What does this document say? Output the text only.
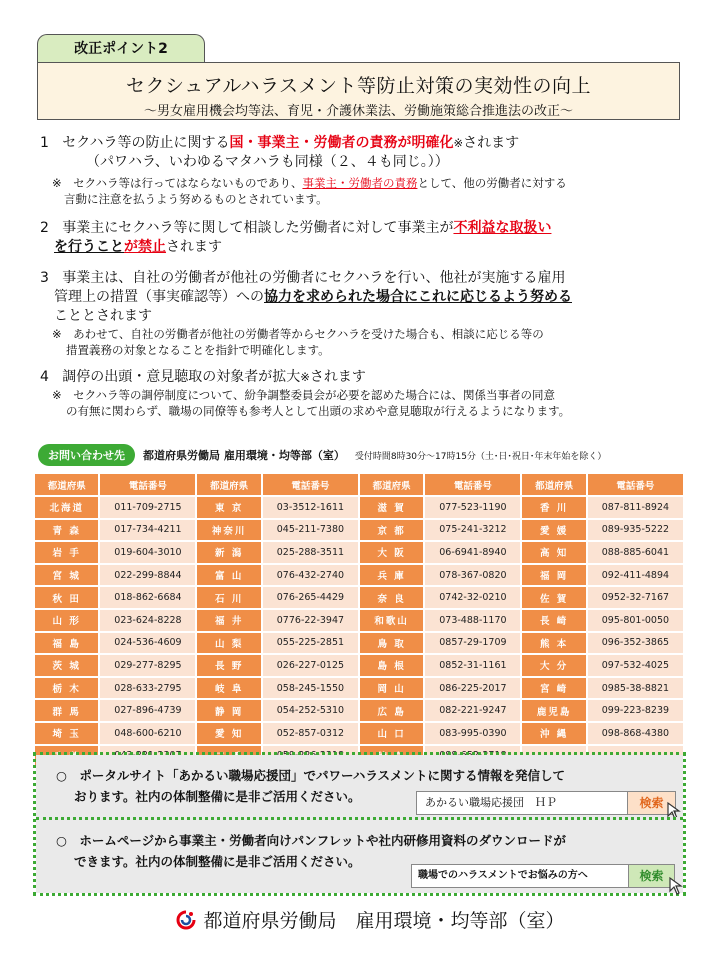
改正ポイント2
セクシュアルハラスメント等防止対策の実効性の向上
～男女雇用機会均等法、育児・介護休業法、労働施策総合推進法の改正～
1 セクハラ等の防止に関する国・事業主・労働者の責務が明確化※されます
（パワハラ、いわゆるマタハラも同様（２、４も同じ。））
※　セクハラ等は行ってはならないものであり、事業主・労働者の責務として、他の労働者に対する
言動に注意を払うよう努めるものとされています。
2 事業主にセクハラ等に関して相談した労働者に対して事業主が不利益な取扱い
を行うことが禁止されます
3 事業主は、自社の労働者が他社の労働者にセクハラを行い、他社が実施する雇用
管理上の措置（事実確認等）への協力を求められた場合にこれに応じるよう努める
こととされます
※　あわせて、自社の労働者が他社の労働者等からセクハラを受けた場合も、相談に応じる等の
措置義務の対象となることを指針で明確化します。
4 調停の出頭・意見聴取の対象者が拡大※されます
※　セクハラ等の調停制度について、紛争調整委員会が必要を認めた場合には、関係当事者の同意
の有無に関わらず、職場の同僚等も参考人として出頭の求めや意見聴取が行えるようになります。
お問い合わせ先	都道府県労働局 雇用環境・均等部（室） 受付時間8時30分～17時15分（土･日･祝日･年末年始を除く）
都道府県	電話番号	都道府県	電話番号	都道府県	電話番号	都道府県	電話番号
北海道	011-709-2715	東 京	03-3512-1611	滋 賀	077-523-1190	香 川	087-811-8924
青 森	017-734-4211	神奈川	045-211-7380	京 都	075-241-3212	愛 媛	089-935-5222
岩 手	019-604-3010	新 潟	025-288-3511	大 阪	06-6941-8940	高 知	088-885-6041
宮 城	022-299-8844	富 山	076-432-2740	兵 庫	078-367-0820	福 岡	092-411-4894
秋 田	018-862-6684	石 川	076-265-4429	奈 良	0742-32-0210	佐 賀	0952-32-7167
山 形	023-624-8228	福 井	0776-22-3947	和歌山	073-488-1170	長 崎	095-801-0050
福 島	024-536-4609	山 梨	055-225-2851	鳥 取	0857-29-1709	熊 本	096-352-3865
茨 城	029-277-8295	長 野	026-227-0125	島 根	0852-31-1161	大 分	097-532-4025
栃 木	028-633-2795	岐 阜	058-245-1550	岡 山	086-225-2017	宮 崎	0985-38-8821
群 馬	027-896-4739	静 岡	054-252-5310	広 島	082-221-9247	鹿児島	099-223-8239
埼 玉	048-600-6210	愛 知	052-857-0312	山 口	083-995-0390	沖 縄	098-868-4380

○　ポータルサイト「あかるい職場応援団」でパワーハラスメントに関する情報を発信して
おります。社内の体制整備に是非ご活用ください。	あかるい職場応援団　ＨＰ	検索
○　ホームページから事業主・労働者向けパンフレットや社内研修用資料のダウンロードが
できます。社内の体制整備に是非ご活用ください。
職場でのハラスメントでお悩みの方へ	検索
都道府県労働局　雇用環境・均等部（室）
